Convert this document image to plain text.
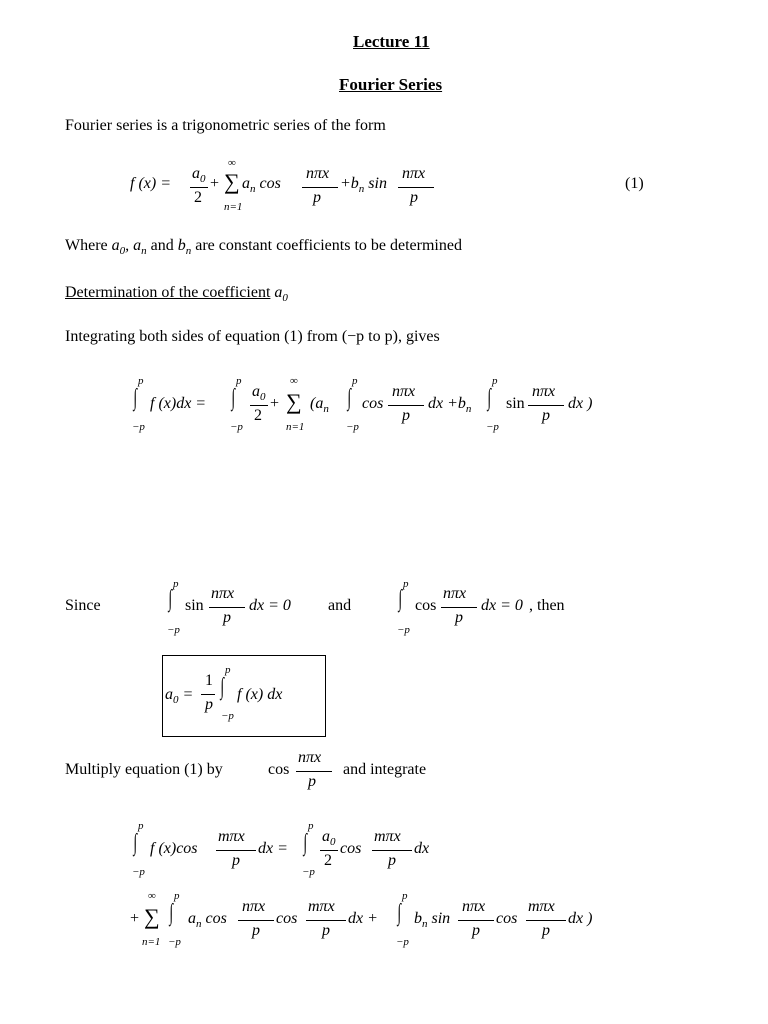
Lecture 11
Fourier Series
Fourier series is a trigonometric series of the form
f (x) =
$a_0$
2
+
∞
∑
n=1
$a_n$ cos
nπx
p
$+b_n$ sin
nπx
p
(1)
Where $a_0$, $a_n$ and $b_n$ are constant coefficients to be determined
Determination of the coefficient $a_0$
Integrating both sides of equation (1) from (−p to p), gives
p
∫
−p
f (x)dx =
p
∫
−p
$a_0$
2
+
∞
∑
n=1
($a_n$
p
∫
−p
cos
nπx
p
dx $+b_n$
p
∫
−p
sin
nπx
p
dx )
Since
p
∫
−p
sin
nπx
p
dx = 0 and
p
∫
−p
cos
nπx
p
dx = 0 , then
$a_0$ =
1
p
p
∫
−p
f (x) dx
Multiply equation (1) by	cos
nπx
p
and integrate
p
∫
−p
f (x)cos
mπx
p
dx =
p
∫
−p
$a_0$
2
cos
mπx
p
dx
+
∞
∑
n=1
p
∫
−p
$a_n$ cos
nπx
p
cos
mπx
p
dx +
p
∫
−p
$b_n$ sin
nπx
p
cos
mπx
p
dx )
